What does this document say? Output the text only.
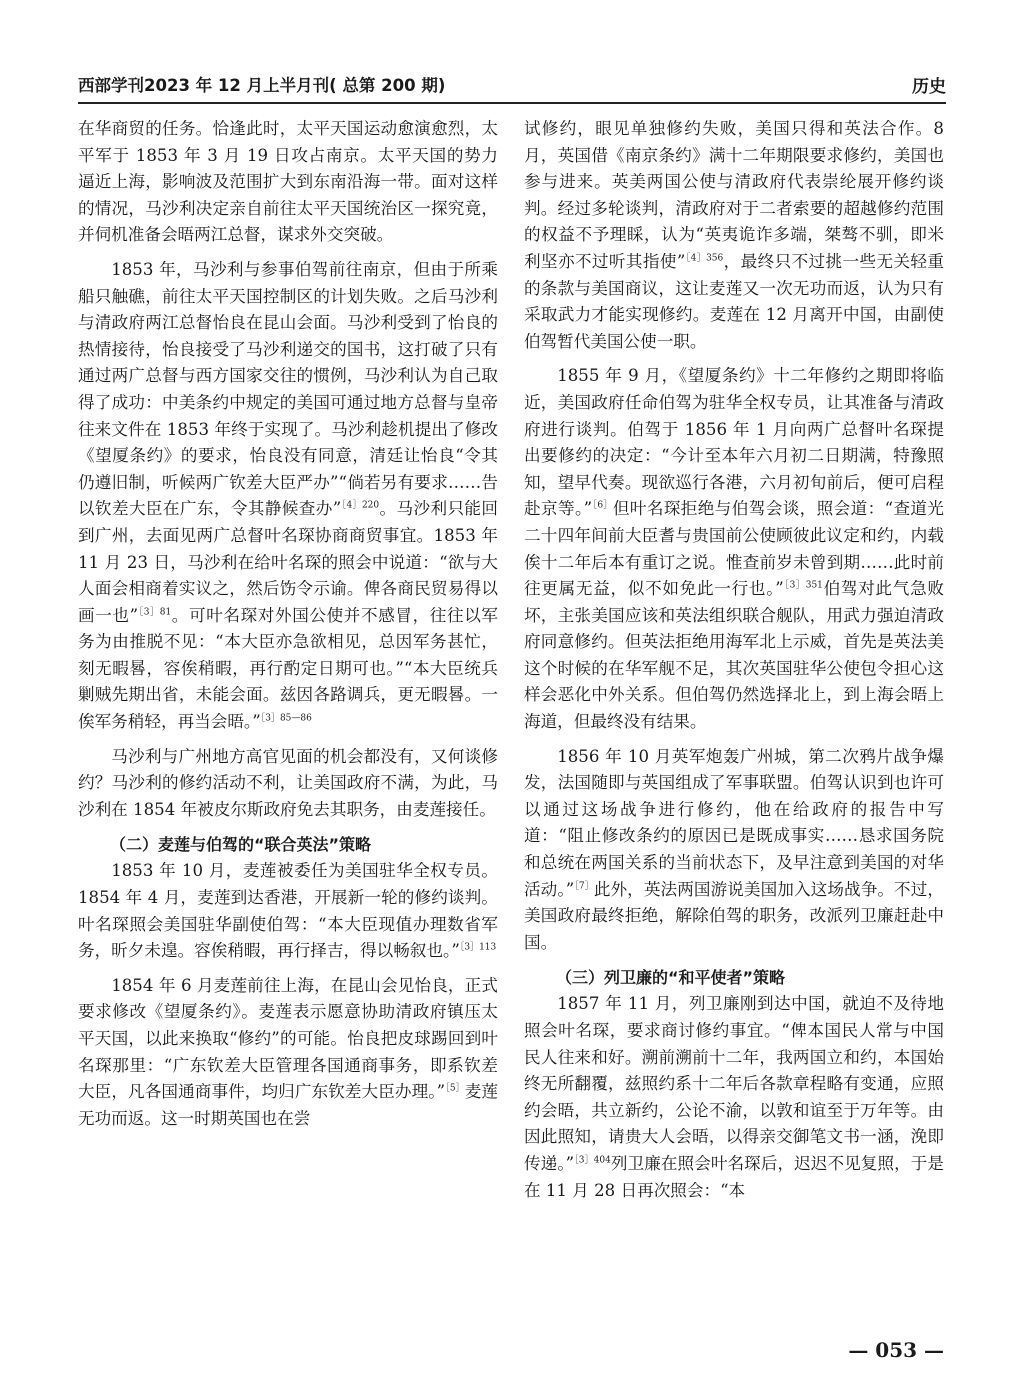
西部学刊2023 年 12 月上半月刊( 总第 200 期)	历史

在华商贸的任务。恰逢此时，太平天国运动愈演愈烈，太平军于 1853 年 3 月 19 日攻占南京。太平天国的势力逼近上海，影响波及范围扩大到东南沿海一带。面对这样的情况，马沙利决定亲自前往太平天国统治区一探究竟，并伺机准备会晤两江总督，谋求外交突破。

1853 年，马沙利与参事伯驾前往南京，但由于所乘船只触礁，前往太平天国控制区的计划失败。之后马沙利与清政府两江总督怡良在昆山会面。马沙利受到了怡良的热情接待，怡良接受了马沙利递交的国书，这打破了只有通过两广总督与西方国家交往的惯例，马沙利认为自己取得了成功：中美条约中规定的美国可通过地方总督与皇帝往来文件在 1853 年终于实现了。马沙利趁机提出了修改《望厦条约》的要求，怡良没有同意，清廷让怡良“令其仍遵旧制，听候两广钦差大臣严办”“倘若另有要求……告以钦差大臣在广东，令其静候查办”$^{[4]220}$。马沙利只能回到广州，去面见两广总督叶名琛协商商贸事宜。1853 年 11 月 23 日，马沙利在给叶名琛的照会中说道：“欲与大人面会相商着实议之，然后饬令示谕。俾各商民贸易得以画一也”$^{[3]81}$。可叶名琛对外国公使并不感冒，往往以军务为由推脱不见：“本大臣亦急欲相见，总因军务甚忙，刻无暇晷，容俟稍暇，再行酌定日期可也。”“本大臣统兵剿贼先期出省，未能会面。兹因各路调兵，更无暇晷。一俟军务稍轻，再当会晤。”$^{[3]85—86}$

马沙利与广州地方高官见面的机会都没有，又何谈修约？马沙利的修约活动不利，让美国政府不满，为此，马沙利在 1854 年被皮尔斯政府免去其职务，由麦莲接任。

（二）麦莲与伯驾的“联合英法”策略

1853 年 10 月，麦莲被委任为美国驻华全权专员。1854 年 4 月，麦莲到达香港，开展新一轮的修约谈判。叶名琛照会美国驻华副使伯驾：“本大臣现值办理数省军务，昕夕未遑。容俟稍暇，再行择吉，得以畅叙也。”$^{[3]113}$

1854 年 6 月麦莲前往上海，在昆山会见怡良，正式要求修改《望厦条约》。麦莲表示愿意协助清政府镇压太平天国，以此来换取“修约”的可能。怡良把皮球踢回到叶名琛那里：“广东钦差大臣管理各国通商事务，即系钦差大臣，凡各国通商事件，均归广东钦差大臣办理。”$^{[5]}$麦莲无功而返。这一时期英国也在尝

试修约，眼见单独修约失败，美国只得和英法合作。8 月，英国借《南京条约》满十二年期限要求修约，美国也参与进来。英美两国公使与清政府代表崇纶展开修约谈判。经过多轮谈判，清政府对于二者索要的超越修约范围的权益不予理睬，认为“英夷诡诈多端，桀骜不驯，即米利坚亦不过听其指使”$^{[4]356}$，最终只不过挑一些无关轻重的条款与美国商议，这让麦莲又一次无功而返，认为只有采取武力才能实现修约。麦莲在 12 月离开中国，由副使伯驾暂代美国公使一职。

1855 年 9 月，《望厦条约》十二年修约之期即将临近，美国政府任命伯驾为驻华全权专员，让其准备与清政府进行谈判。伯驾于 1856 年 1 月向两广总督叶名琛提出要修约的决定：“今计至本年六月初二日期满，特豫照知，望早代奏。现欲巡行各港，六月初旬前后，便可启程赴京等。”$^{[6]}$但叶名琛拒绝与伯驾会谈，照会道：“查道光二十四年间前大臣耆与贵国前公使顾彼此议定和约，内载俟十二年后本有重订之说。惟查前岁未曾到期……此时前往更属无益，似不如免此一行也。”$^{[3]351}$伯驾对此气急败坏，主张美国应该和英法组织联合舰队，用武力强迫清政府同意修约。但英法拒绝用海军北上示威，首先是英法美这个时候的在华军舰不足，其次英国驻华公使包令担心这样会恶化中外关系。但伯驾仍然选择北上，到上海会晤上海道，但最终没有结果。

1856 年 10 月英军炮轰广州城，第二次鸦片战争爆发，法国随即与英国组成了军事联盟。伯驾认识到也许可以通过这场战争进行修约，他在给政府的报告中写道：“阻止修改条约的原因已是既成事实……恳求国务院和总统在两国关系的当前状态下，及早注意到美国的对华活动。”$^{[7]}$此外，英法两国游说美国加入这场战争。不过，美国政府最终拒绝，解除伯驾的职务，改派列卫廉赶赴中国。

（三）列卫廉的“和平使者”策略

1857 年 11 月，列卫廉刚到达中国，就迫不及待地照会叶名琛，要求商讨修约事宜。“俾本国民人常与中国民人往来和好。溯前溯前十二年，我两国立和约，本国始终无所翻覆，兹照约系十二年后各款章程略有变通，应照约会晤，共立新约，公论不渝，以敦和谊至于万年等。由因此照知，请贵大人会晤，以得亲交御笔文书一涵，浼即传递。”$^{[3]404}$列卫廉在照会叶名琛后，迟迟不见复照，于是在 11 月 28 日再次照会：“本

— 053 —
